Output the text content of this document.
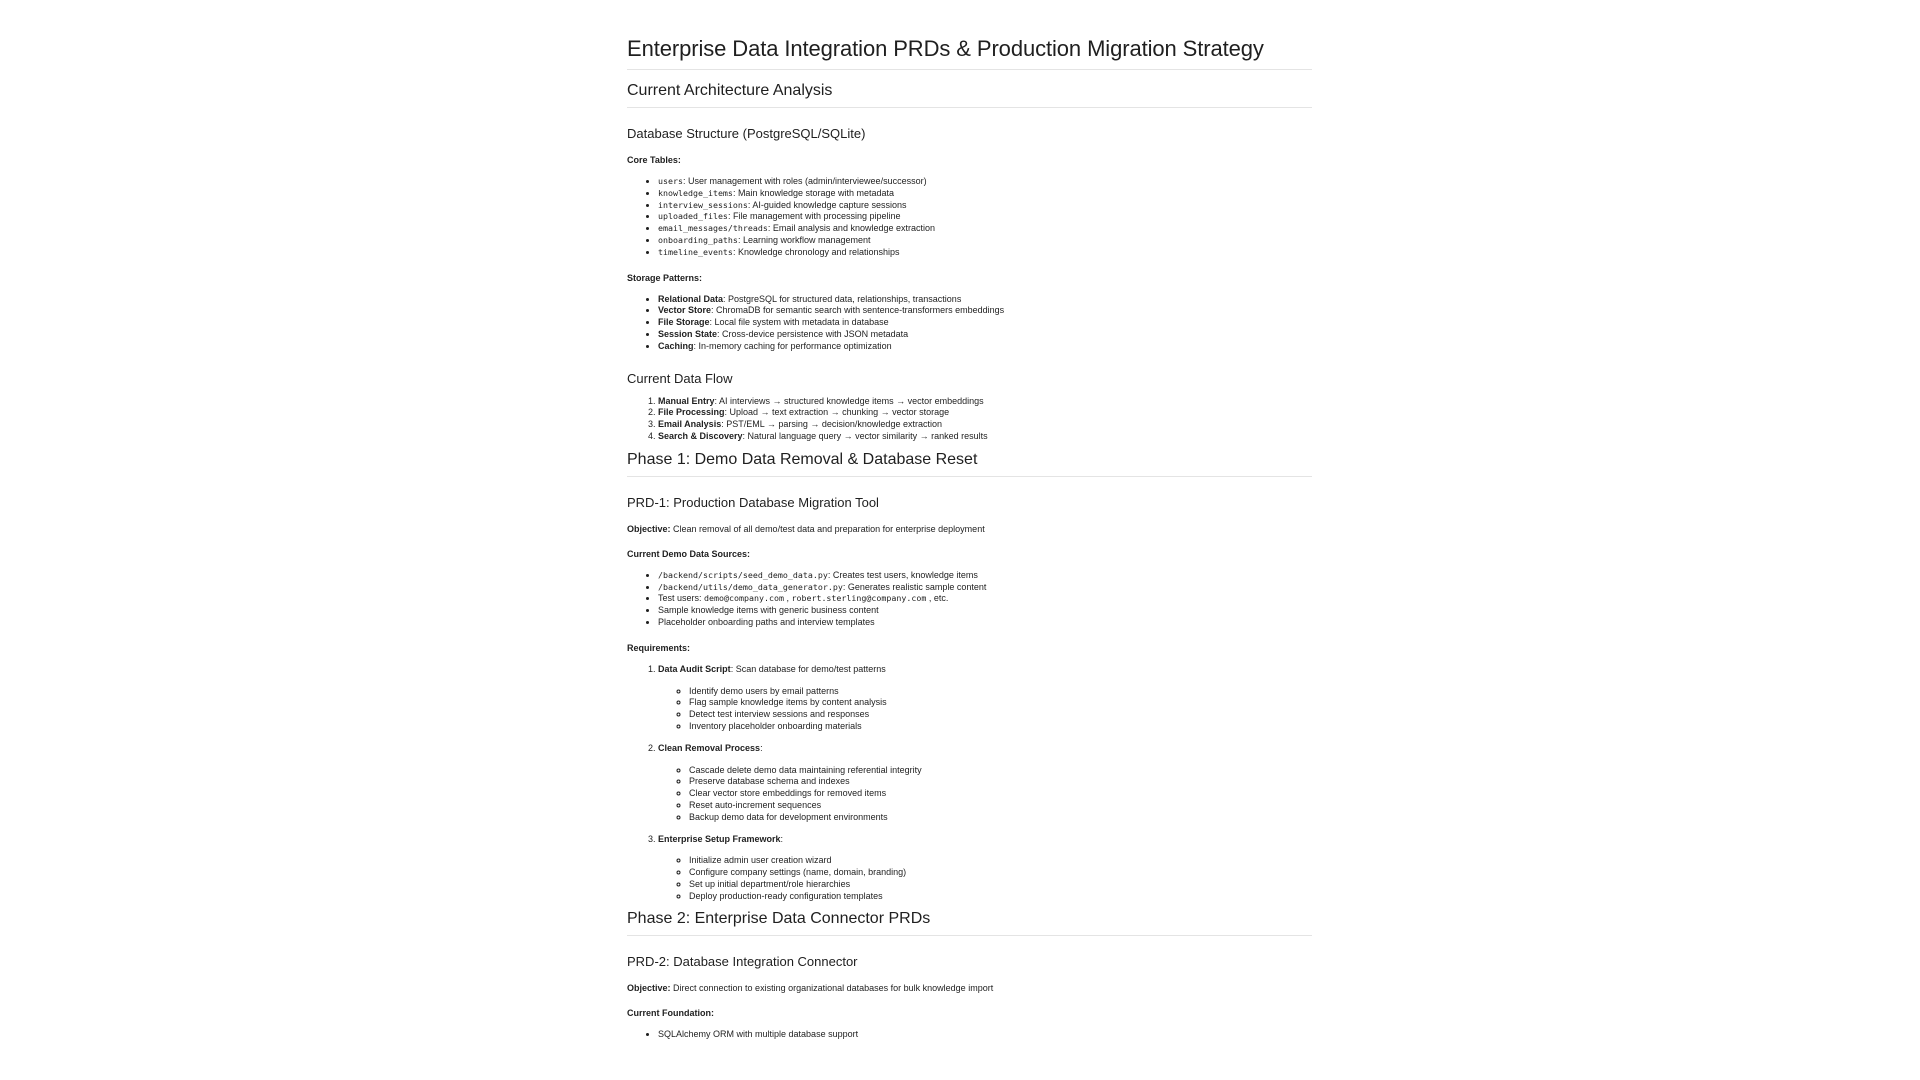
Enterprise Data Integration PRDs & Production Migration Strategy
Current Architecture Analysis
Database Structure (PostgreSQL/SQLite)

Core Tables:

• users: User management with roles (admin/interviewee/successor)
• knowledge_items: Main knowledge storage with metadata
• interview_sessions: AI-guided knowledge capture sessions
• uploaded_files: File management with processing pipeline
• email_messages/threads: Email analysis and knowledge extraction
• onboarding_paths: Learning workflow management
• timeline_events: Knowledge chronology and relationships

Storage Patterns:

• Relational Data: PostgreSQL for structured data, relationships, transactions
• Vector Store: ChromaDB for semantic search with sentence-transformers embeddings
• File Storage: Local file system with metadata in database
• Session State: Cross-device persistence with JSON metadata
• Caching: In-memory caching for performance optimization
Current Data Flow
1. Manual Entry: AI interviews → structured knowledge items → vector embeddings
2. File Processing: Upload → text extraction → chunking → vector storage
3. Email Analysis: PST/EML → parsing → decision/knowledge extraction
4. Search & Discovery: Natural language query → vector similarity → ranked results
Phase 1: Demo Data Removal & Database Reset
PRD-1: Production Database Migration Tool

Objective: Clean removal of all demo/test data and preparation for enterprise deployment

Current Demo Data Sources:

• /backend/scripts/seed_demo_data.py: Creates test users, knowledge items
• /backend/utils/demo_data_generator.py: Generates realistic sample content
• Test users: demo@company.com , robert.sterling@company.com , etc.
• Sample knowledge items with generic business content
• Placeholder onboarding paths and interview templates

Requirements:

1. Data Audit Script: Scan database for demo/test patterns
◦ Identify demo users by email patterns
◦ Flag sample knowledge items by content analysis
◦ Detect test interview sessions and responses
◦ Inventory placeholder onboarding materials
2. Clean Removal Process:
◦ Cascade delete demo data maintaining referential integrity
◦ Preserve database schema and indexes
◦ Clear vector store embeddings for removed items
◦ Reset auto-increment sequences
◦ Backup demo data for development environments
3. Enterprise Setup Framework:
◦ Initialize admin user creation wizard
◦ Configure company settings (name, domain, branding)
◦ Set up initial department/role hierarchies
◦ Deploy production-ready configuration templates
Phase 2: Enterprise Data Connector PRDs
PRD-2: Database Integration Connector

Objective: Direct connection to existing organizational databases for bulk knowledge import

Current Foundation:

• SQLAlchemy ORM with multiple database support
